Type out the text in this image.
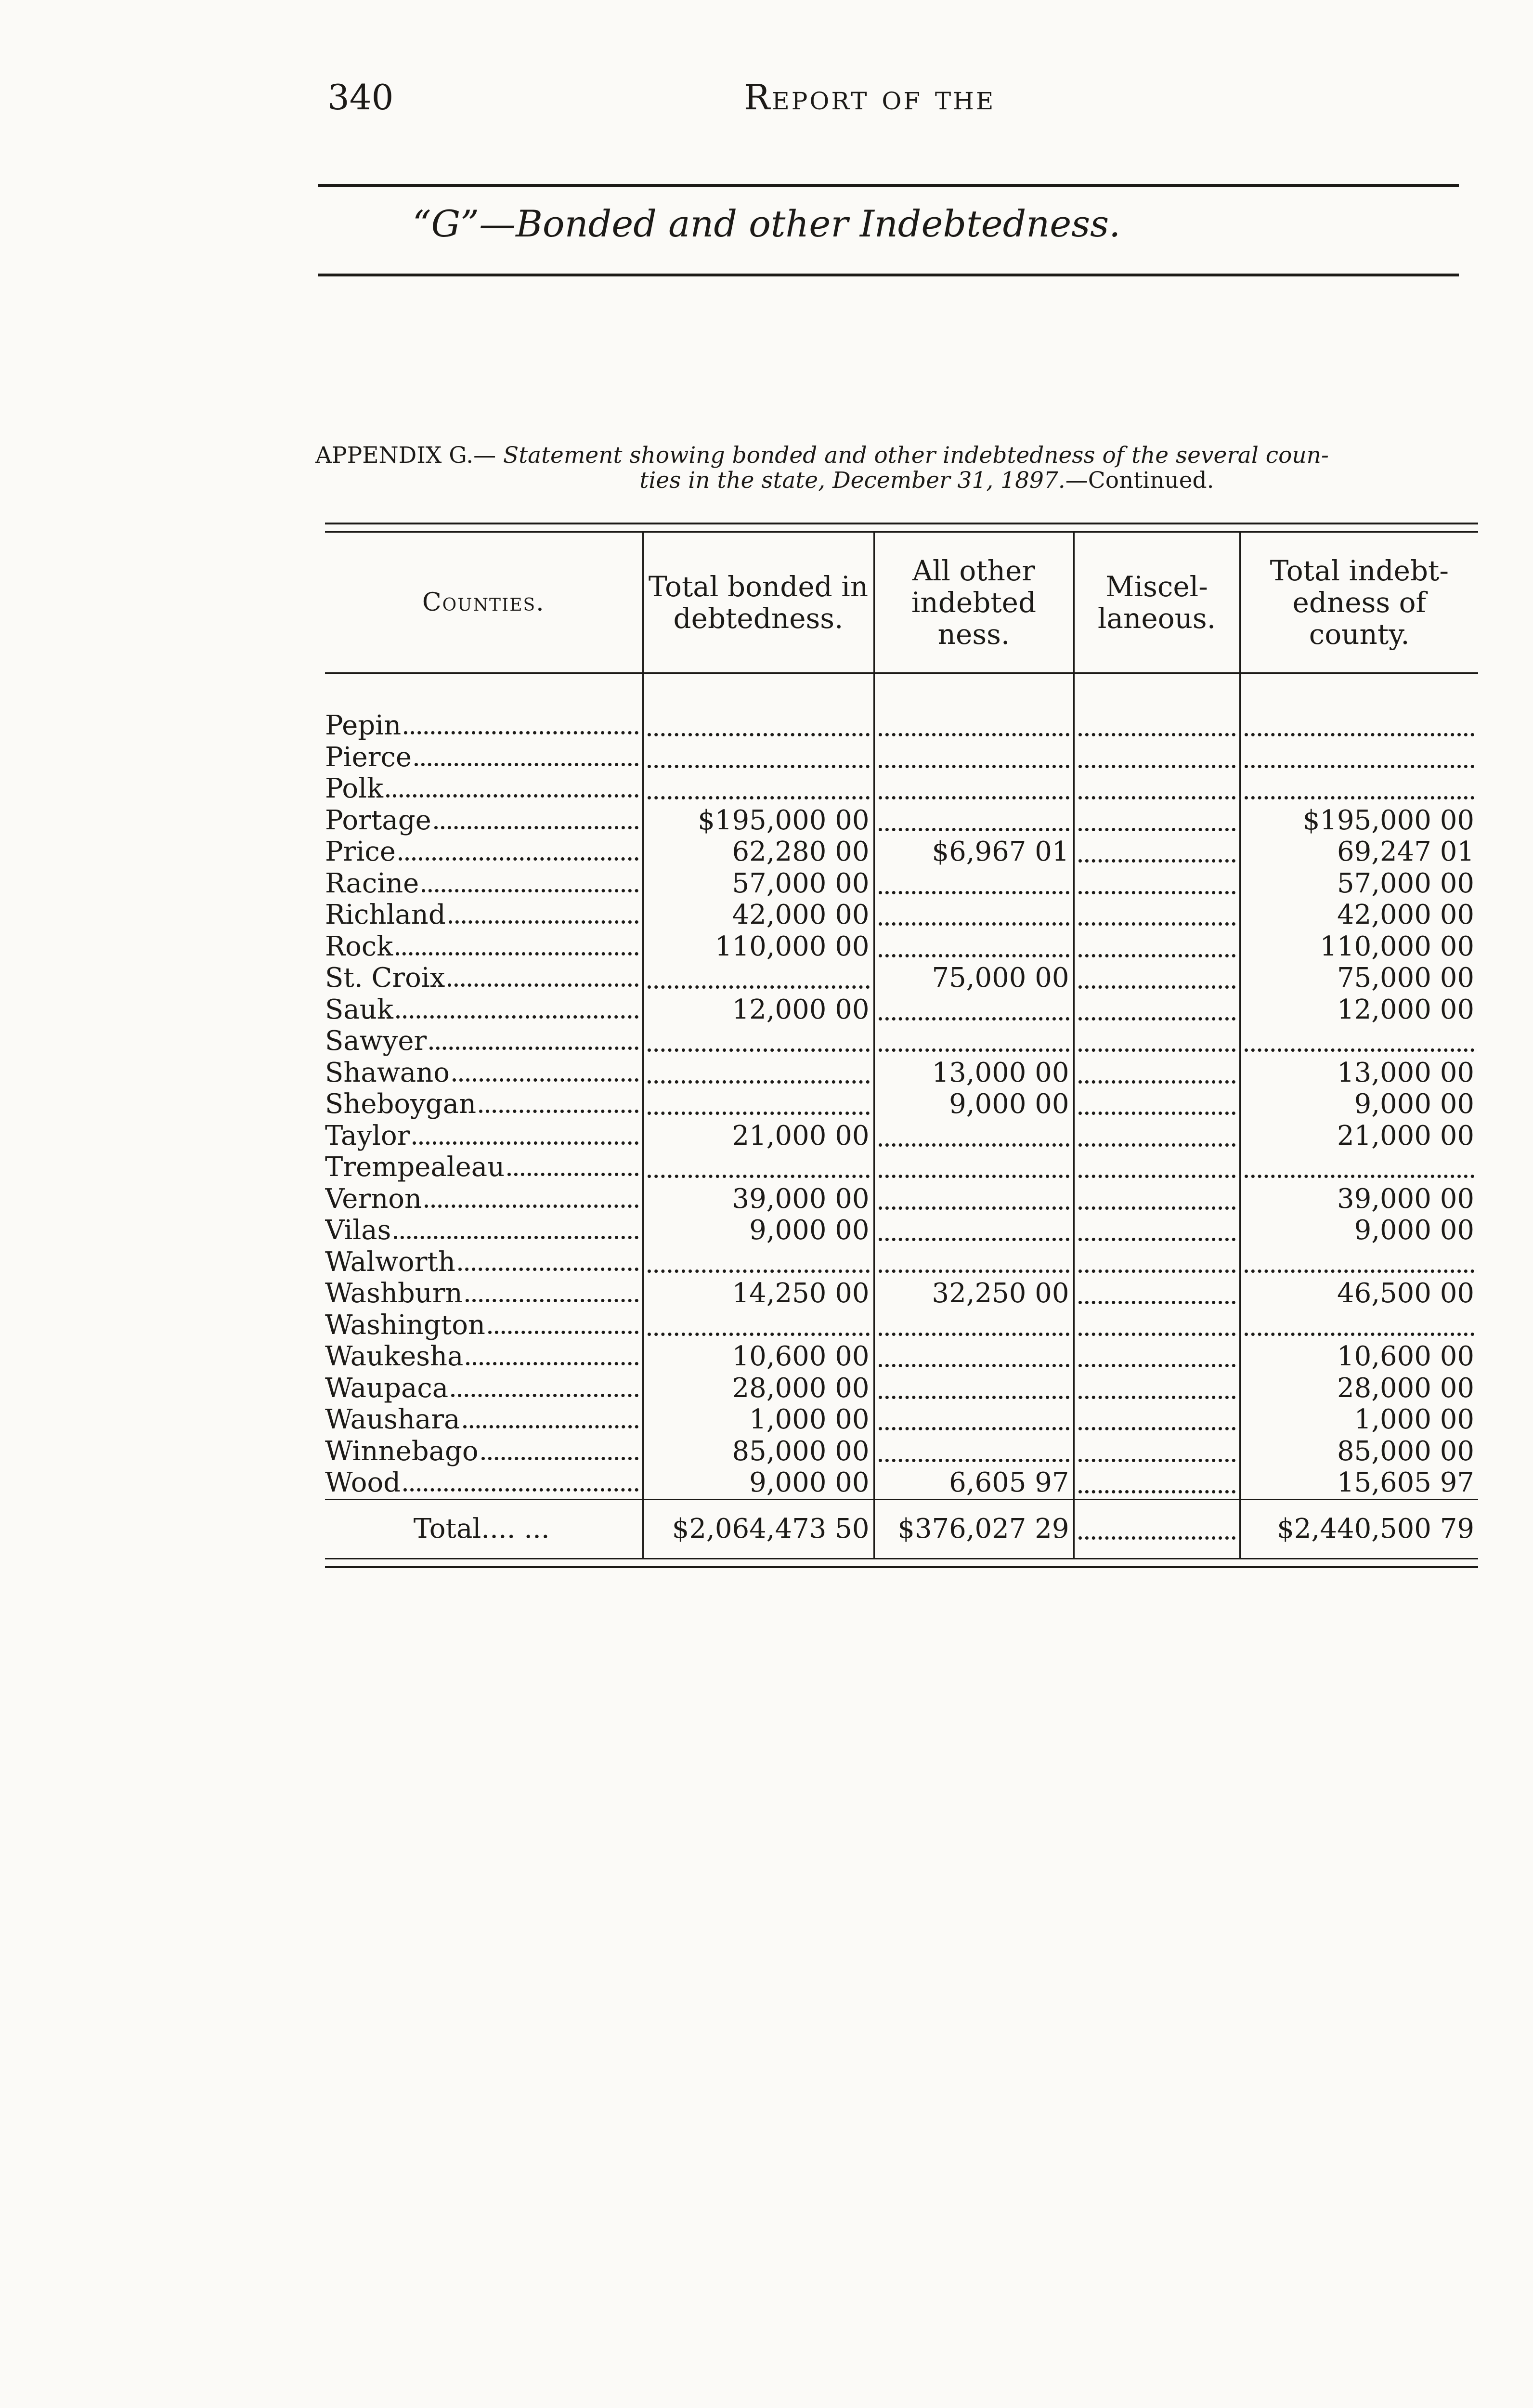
340	Report of the
“G”—Bonded and other Indebtedness.
APPENDIX G.— Statement showing bonded and other indebtedness of the several coun-
ties in the state, December 31, 1897.—Continued.
Counties.	Total bonded in debtedness.	All other indebted ness.	Miscel- laneous.	Total indebt- edness of county.

Pepin				

Pierce				

Polk				

Portage	$195,000 00			$195,000 00

Price	62,280 00	$6,967 01		69,247 01

Racine	57,000 00			57,000 00

Richland	42,000 00			42,000 00

Rock	110,000 00			110,000 00

St. Croix		75,000 00		75,000 00

Sauk	12,000 00			12,000 00

Sawyer				

Shawano		13,000 00		13,000 00

Sheboygan		9,000 00		9,000 00

Taylor	21,000 00			21,000 00

Trempealeau				

Vernon	39,000 00			39,000 00

Vilas	9,000 00			9,000 00

Walworth				

Washburn	14,250 00	32,250 00		46,500 00

Washington				

Waukesha	10,600 00			10,600 00

Waupaca	28,000 00			28,000 00

Waushara	1,000 00			1,000 00

Winnebago	85,000 00			85,000 00

Wood	9,000 00	6,605 97		15,605 97
Total.... ...	$2,064,473 50	$376,027 29		$2,440,500 79
